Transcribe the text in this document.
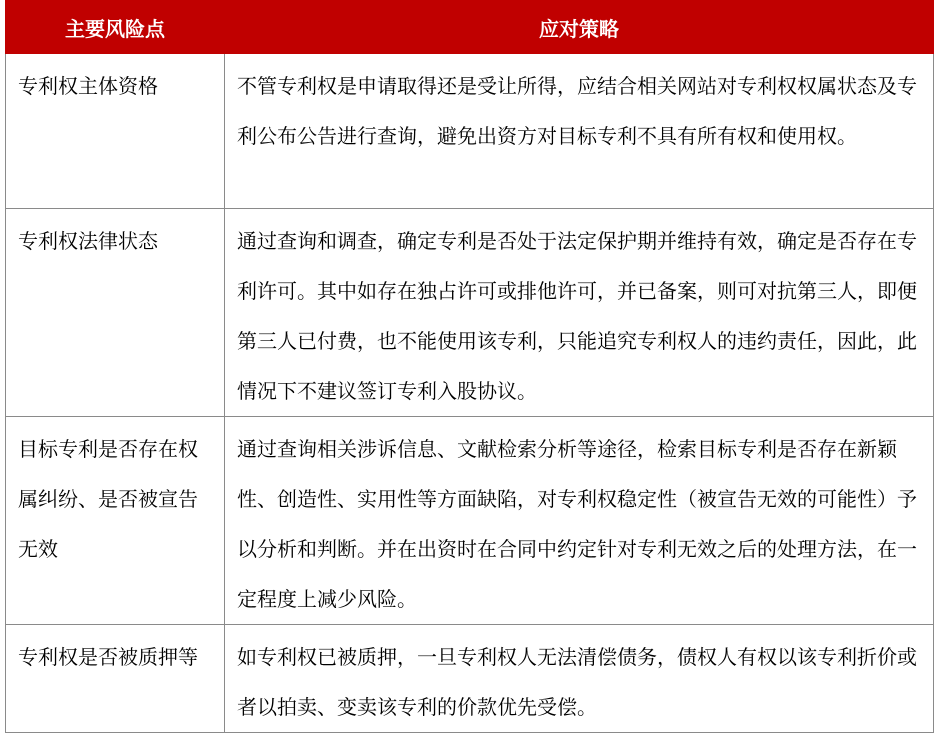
主要风险点	应对策略
专利权主体资格	不管专利权是申请取得还是受让所得，应结合相关网站对专利权权属状态及专利公布公告进行查询，避免出资方对目标专利不具有所有权和使用权。
专利权法律状态	通过查询和调查，确定专利是否处于法定保护期并维持有效，确定是否存在专利许可。其中如存在独占许可或排他许可，并已备案，则可对抗第三人，即便第三人已付费，也不能使用该专利，只能追究专利权人的违约责任，因此，此情况下不建议签订专利入股协议。
目标专利是否存在权属纠纷、是否被宣告无效	通过查询相关涉诉信息、文献检索分析等途径，检索目标专利是否存在新颖性、创造性、实用性等方面缺陷，对专利权稳定性（被宣告无效的可能性）予以分析和判断。并在出资时在合同中约定针对专利无效之后的处理方法，在一定程度上减少风险。
专利权是否被质押等	如专利权已被质押，一旦专利权人无法清偿债务，债权人有权以该专利折价或者以拍卖、变卖该专利的价款优先受偿。
